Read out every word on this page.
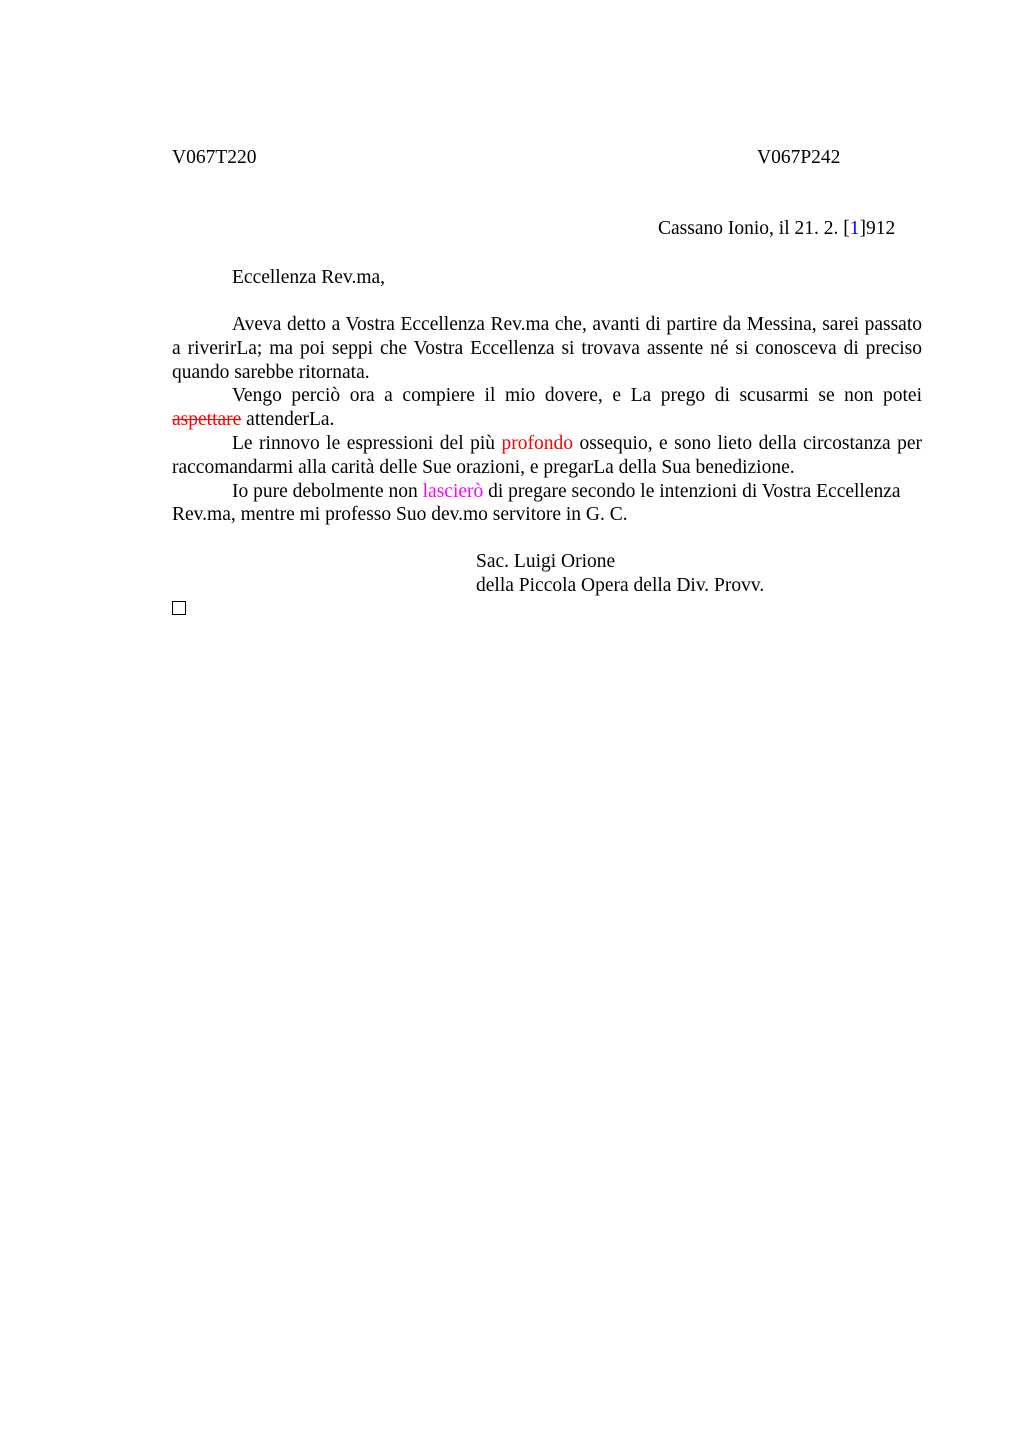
V067T220	V067P242
Cassano Ionio, il 21. 2. [1]912
Eccellenza Rev.ma,

Aveva detto a Vostra Eccellenza Rev.ma che, avanti di partire da Messina, sarei passato a riverirLa; ma poi seppi che Vostra Eccellenza si trovava assente né si conosceva di preciso quando sarebbe ritornata.

Vengo perciò ora a compiere il mio dovere, e La prego di scusarmi se non potei aspettare attenderLa.

Le rinnovo le espressioni del più profondo ossequio, e sono lieto della circostanza per raccomandarmi alla carità delle Sue orazioni, e pregarLa della Sua benedizione.

Io pure debolmente non lascierò di pregare secondo le intenzioni di Vostra Eccellenza Rev.ma, mentre mi professo Suo dev.mo servitore in G. C.

Sac. Luigi Orione
della Piccola Opera della Div. Provv.
